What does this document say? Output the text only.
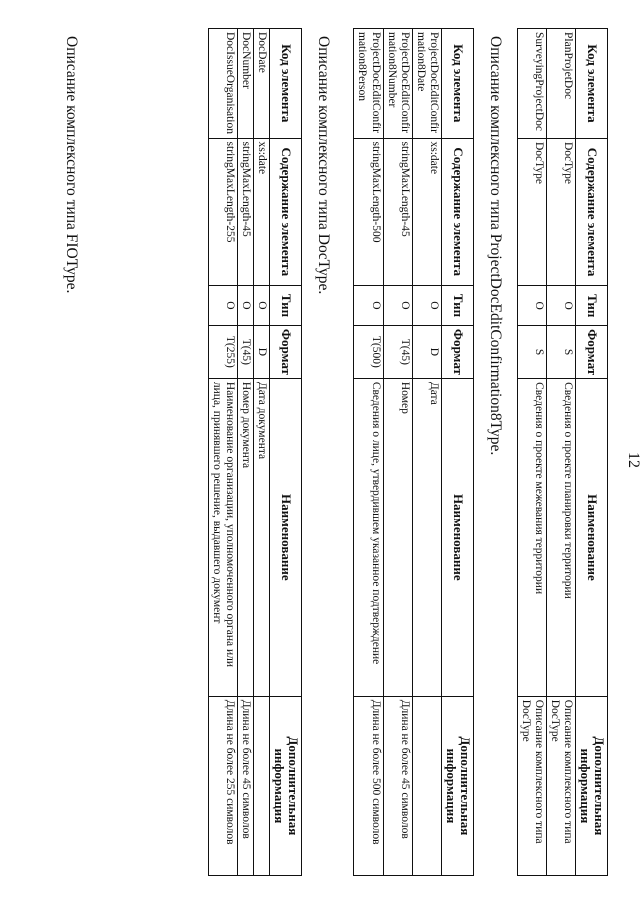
12
Код элемента	Содержание элемента	Тип	Формат	Наименование	Дополнительная информация
PlanProjetDoc	DocType	О	S	Сведения о проекте планировки территории	Описание комплексного типа DocType
SurveyingProjectDoc	DocType	О	S	Сведения о проекте межевания территории	Описание комплексного типа DocType
Описание комплексного типа ProjectDocEditConfirmation8Type.
Код элемента	Содержание элемента	Тип	Формат	Наименование	Дополнительная информация
ProjectDocEditConfirmation8Date	xs:date	О	D	Дата	
ProjectDocEditConfirmation8Number	stringMaxLength-45	О	T(45)	Номер	Длина не более 45 символов
ProjectDocEditConfirmation8Person	stringMaxLength-500	О	T(500)	Сведения о лице, утвердившем указанное подтверждение	Длина не более 500 символов
Описание комплексного типа DocType.
Код элемента	Содержание элемента	Тип	Формат	Наименование	Дополнительная информация
DocDate	xs:date	О	D	Дата документа	
DocNumber	stringMaxLength-45	О	T(45)	Номер документа	Длина не более 45 символов
DocIssueOrganisation	stringMaxLength-255	О	T(255)	Наименование организации, уполномоченного органа или лица, принявшего решение, выдавшего документ	Длина не более 255 символов
Описание комплексного типа FIOType.
